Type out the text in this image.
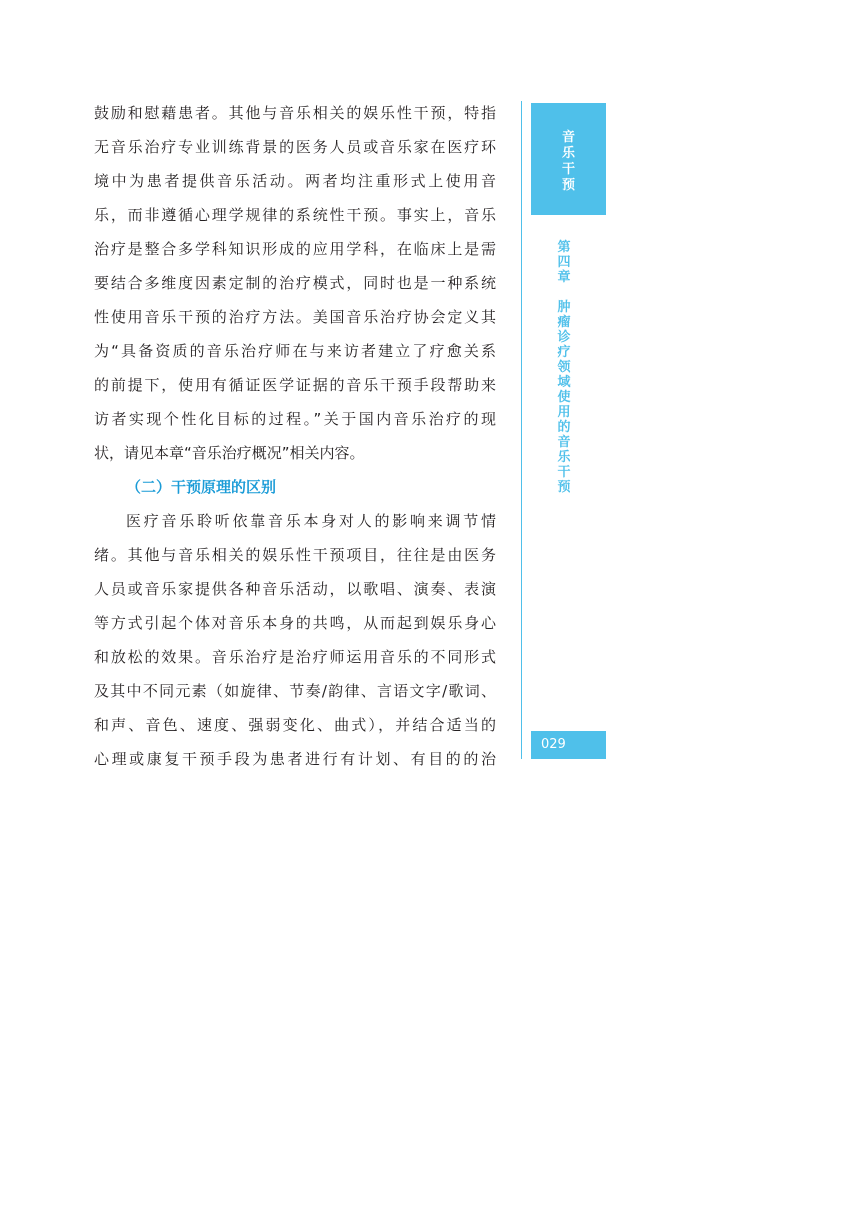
鼓励和慰藉患者。其他与音乐相关的娱乐性干预，特指
无音乐治疗专业训练背景的医务人员或音乐家在医疗环
境中为患者提供音乐活动。两者均注重形式上使用音
乐，而非遵循心理学规律的系统性干预。事实上，音乐
治疗是整合多学科知识形成的应用学科，在临床上是需
要结合多维度因素定制的治疗模式，同时也是一种系统
性使用音乐干预的治疗方法。美国音乐治疗协会定义其
为“具备资质的音乐治疗师在与来访者建立了疗愈关系
的前提下，使用有循证医学证据的音乐干预手段帮助来
访者实现个性化目标的过程。”关于国内音乐治疗的现
状，请见本章“音乐治疗概况”相关内容。
（二）干预原理的区别
医疗音乐聆听依靠音乐本身对人的影响来调节情
绪。其他与音乐相关的娱乐性干预项目，往往是由医务
人员或音乐家提供各种音乐活动，以歌唱、演奏、表演
等方式引起个体对音乐本身的共鸣，从而起到娱乐身心
和放松的效果。音乐治疗是治疗师运用音乐的不同形式
及其中不同元素（如旋律、节奏/韵律、言语文字/歌词、
和声、音色、速度、强弱变化、曲式），并结合适当的
心理或康复干预手段为患者进行有计划、有目的的治
音
乐
干
预
第
四
章
肿
瘤
诊
疗
领
域
使
用
的
音
乐
干
预
029
